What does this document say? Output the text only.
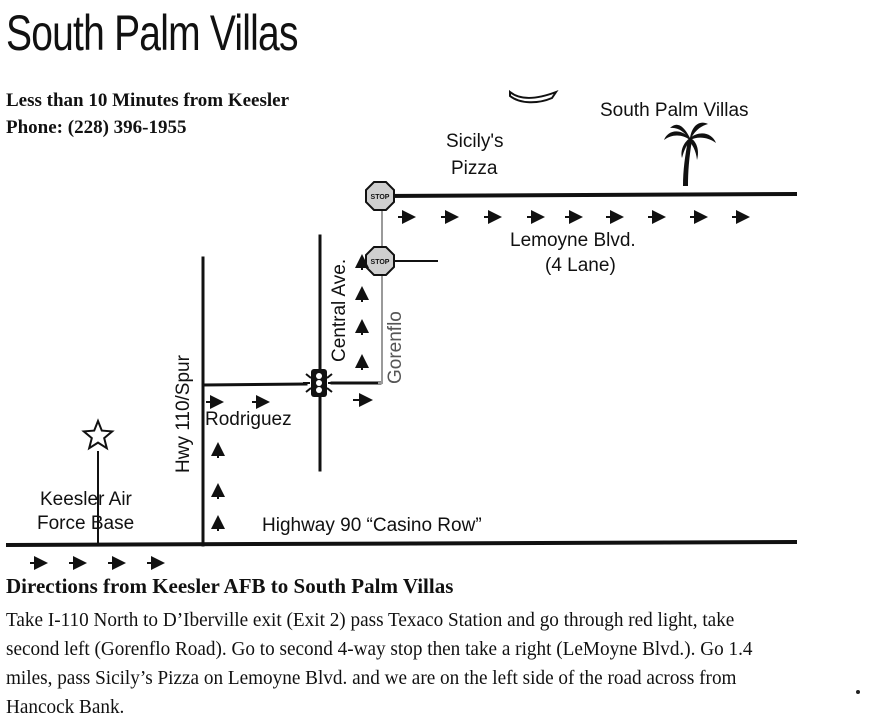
South Palm Villas
Less than 10 Minutes from Keesler
Phone: (228) 396-1955
STOP
STOP
South Palm Villas
Sicily's
Pizza
Lemoyne Blvd.
(4 Lane)
Central Ave. Gorenflo
Hwy 110/Spur Rodriguez
Keesler Air
Force Base	Highway 90 “Casino Row”
Directions from Keesler AFB to South Palm Villas
Take I-110 North to D’Iberville exit (Exit 2) pass Texaco Station and go through red light, take second left (Gorenflo Road). Go to second 4-way stop then take a right (LeMoyne Blvd.). Go 1.4 miles, pass Sicily’s Pizza on Lemoyne Blvd. and we are on the left side of the road across from Hancock Bank.
